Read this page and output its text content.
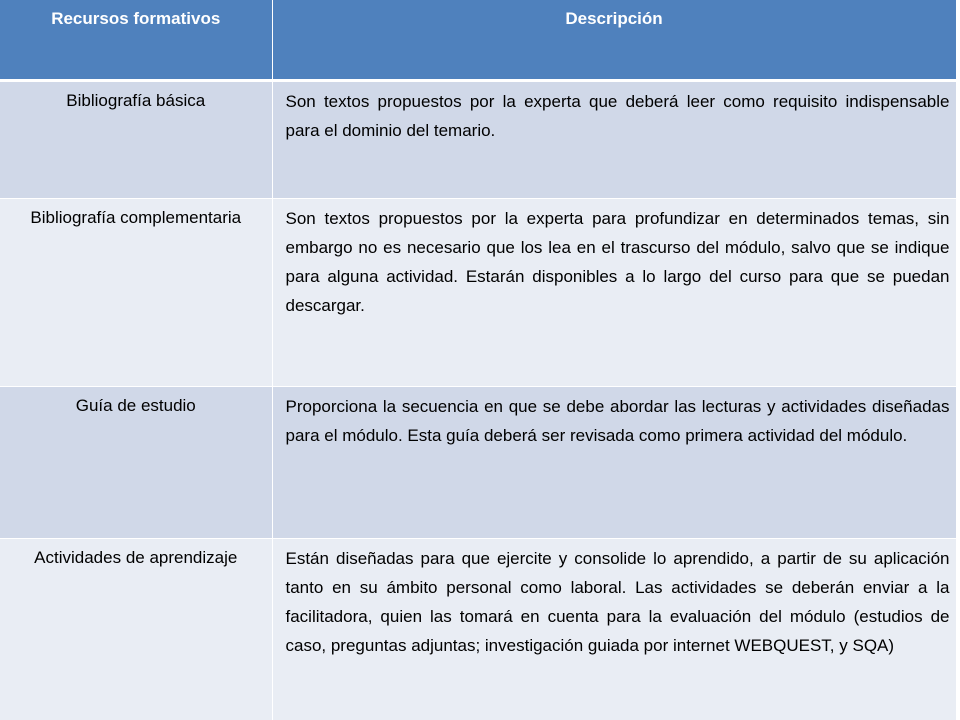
Recursos formativos	Descripción
Bibliografía básica	Son textos propuestos por la experta que deberá leer como requisito indispensable para el dominio del temario.
Bibliografía complementaria	Son textos propuestos por la experta para profundizar en determinados temas, sin embargo no es necesario que los lea en el trascurso del módulo, salvo que se indique para alguna actividad. Estarán disponibles a lo largo del curso para que se puedan descargar.
Guía de estudio	Proporciona la secuencia en que se debe abordar las lecturas y actividades diseñadas para el módulo. Esta guía deberá ser revisada como primera actividad del módulo.
Actividades de aprendizaje	Están diseñadas para que ejercite y consolide lo aprendido, a partir de su aplicación tanto en su ámbito personal como laboral. Las actividades se deberán enviar a la facilitadora, quien las tomará en cuenta para la evaluación del módulo (estudios de caso, preguntas adjuntas; investigación guiada por internet WEBQUEST, y SQA)
